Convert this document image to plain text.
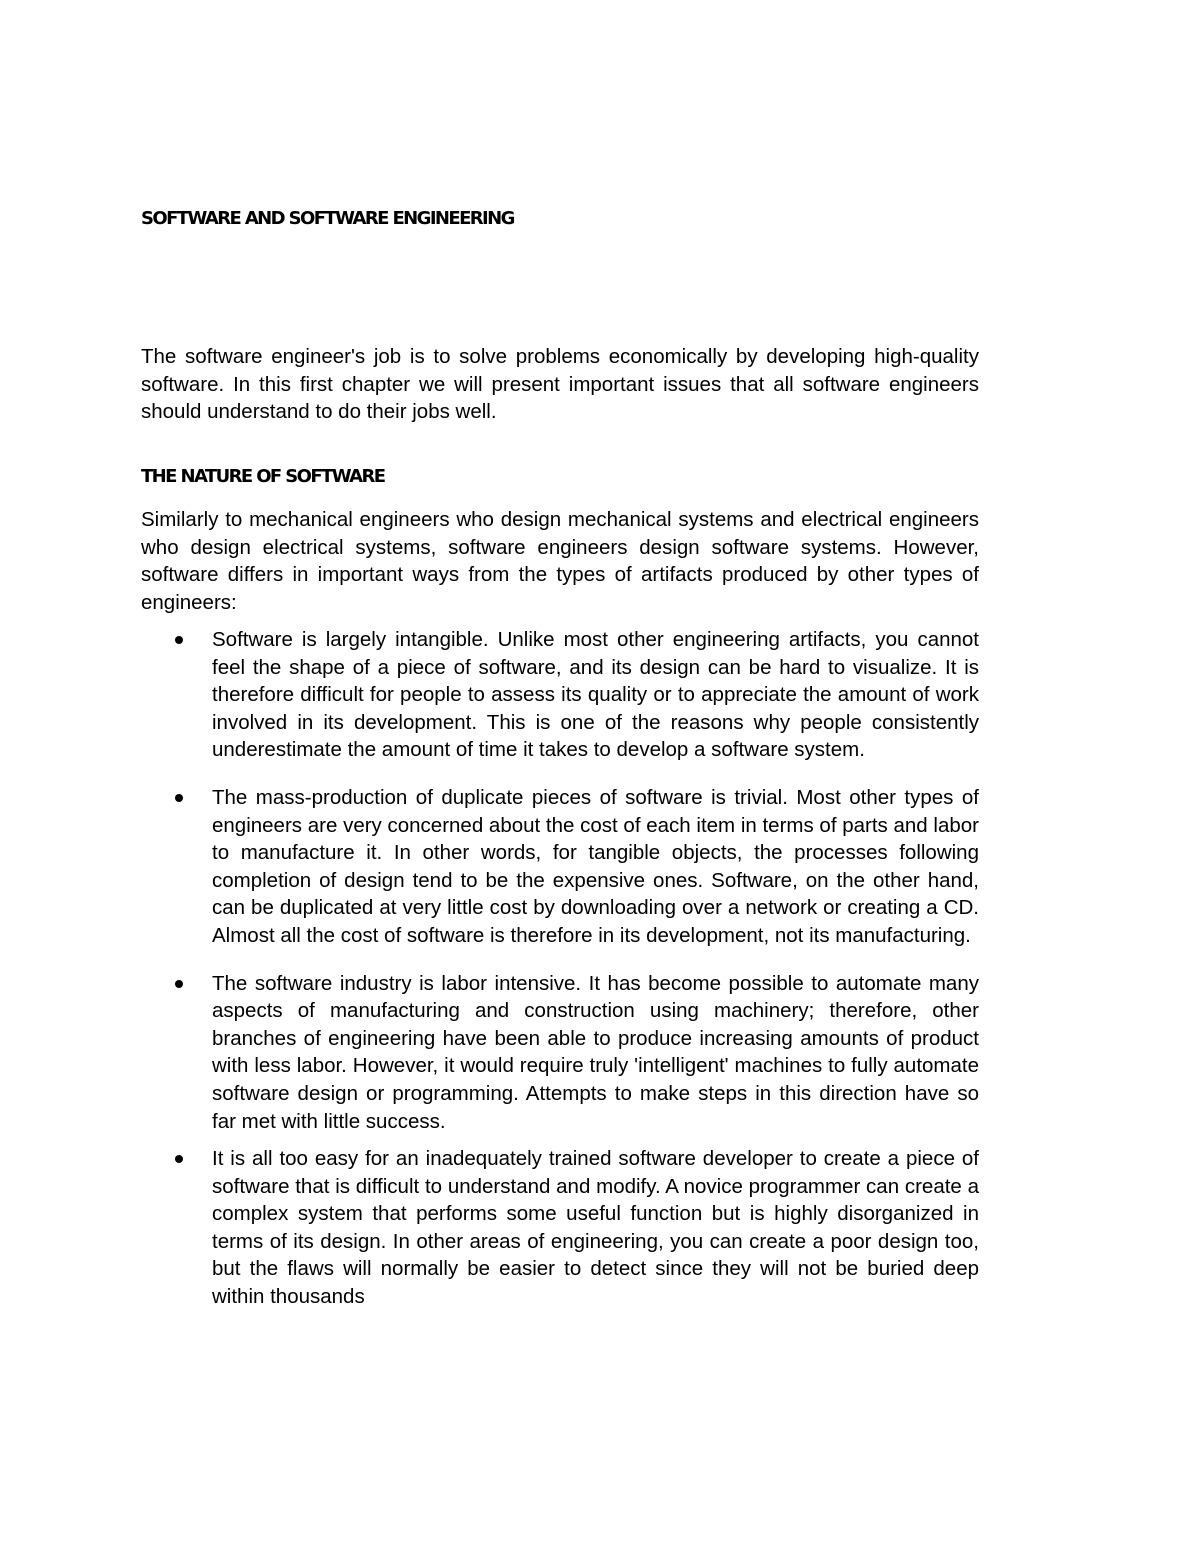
SOFTWARE AND SOFTWARE ENGINEERING

The software engineer's job is to solve problems economically by developing high-quality software. In this first chapter we will present important issues that all software engineers should understand to do their jobs well.

THE NATURE OF SOFTWARE

Similarly to mechanical engineers who design mechanical systems and electrical engineers who design electrical systems, software engineers design software systems. However, software differs in important ways from the types of artifacts produced by other types of engineers:

Software is largely intangible. Unlike most other engineering artifacts, you cannot feel the shape of a piece of software, and its design can be hard to visualize. It is therefore difficult for people to assess its quality or to appreciate the amount of work involved in its development. This is one of the reasons why people consistently underestimate the amount of time it takes to develop a software system.
The mass-production of duplicate pieces of software is trivial. Most other types of engineers are very concerned about the cost of each item in terms of parts and labor to manufacture it. In other words, for tangible objects, the processes following completion of design tend to be the expensive ones. Software, on the other hand, can be duplicated at very little cost by downloading over a network or creating a CD. Almost all the cost of software is therefore in its development, not its manufacturing.
The software industry is labor intensive. It has become possible to automate many aspects of manufacturing and construction using machinery; therefore, other branches of engineering have been able to produce increasing amounts of product with less labor. However, it would require truly 'intelligent' machines to fully automate software design or programming. Attempts to make steps in this direction have so far met with little success.
It is all too easy for an inadequately trained software developer to create a piece of software that is difficult to understand and modify. A novice programmer can create a complex system that performs some useful function but is highly disorganized in terms of its design. In other areas of engineering, you can create a poor design too, but the flaws will normally be easier to detect since they will not be buried deep within thousands
